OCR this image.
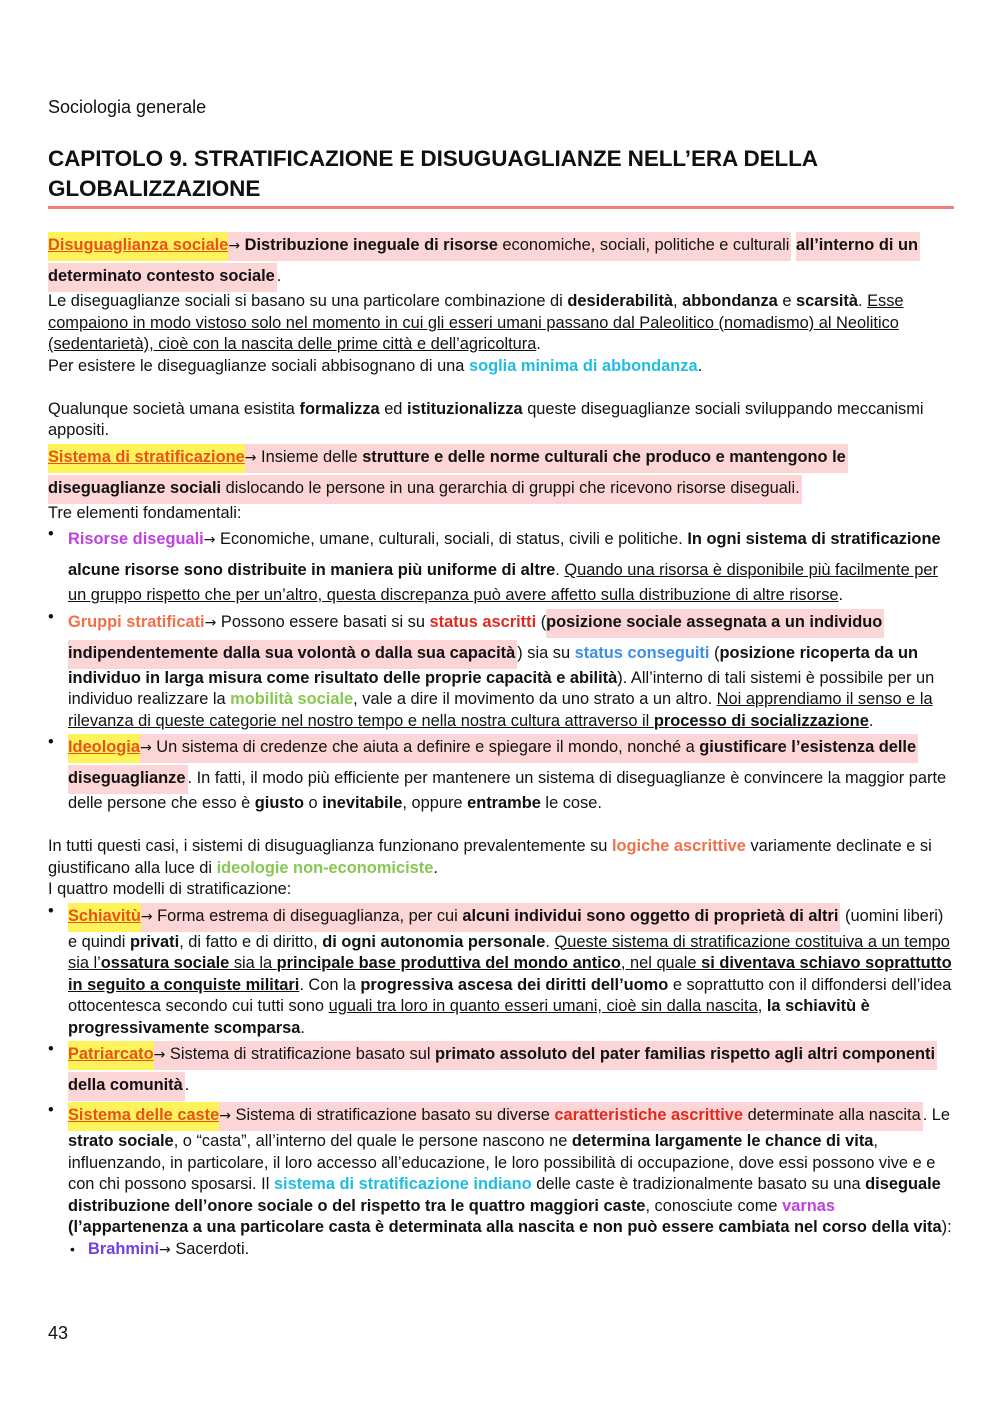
Sociologia generale
CAPITOLO 9. STRATIFICAZIONE E DISUGUAGLIANZE NELL’ERA DELLA GLOBALIZZAZIONE

Disuguaglianza sociale→ Distribuzione ineguale di risorse economiche, sociali, politiche e culturali all’interno di un determinato contesto sociale .

Le diseguaglianze sociali si basano su una particolare combinazione di desiderabilità, abbondanza e scarsità. Esse compaiono in modo vistoso solo nel momento in cui gli esseri umani passano dal Paleolitico (nomadismo) al Neolitico (sedentarietà), cioè con la nascita delle prime città e dell’agricoltura.

Per esistere le diseguaglianze sociali abbisognano di una soglia minima di abbondanza.

Qualunque società umana esistita formalizza ed istituzionalizza queste diseguaglianze sociali sviluppando meccanismi appositi.

Sistema di stratificazione→ Insieme delle strutture e delle norme culturali che produco e mantengono le diseguaglianze sociali dislocando le persone in una gerarchia di gruppi che ricevono risorse diseguali.

Tre elementi fondamentali:

• Risorse diseguali→ Economiche, umane, culturali, sociali, di status, civili e politiche. In ogni sistema di stratificazione alcune risorse sono distribuite in maniera più uniforme di altre. Quando una risorsa è disponibile più facilmente per un gruppo rispetto che per un’altro, questa discrepanza può avere affetto sulla distribuzione di altre risorse.
• Gruppi stratificati→ Possono essere basati si su status ascritti (posizione sociale assegnata a un individuo indipendentemente dalla sua volontà o dalla sua capacità ) sia su status conseguiti (posizione ricoperta da un individuo in larga misura come risultato delle proprie capacità e abilità). All’interno di tali sistemi è possibile per un individuo realizzare la mobilità sociale, vale a dire il movimento da uno strato a un altro. Noi apprendiamo il senso e la rilevanza di queste categorie nel nostro tempo e nella nostra cultura attraverso il processo di socializzazione.
• Ideologia→ Un sistema di credenze che aiuta a definire e spiegare il mondo, nonché a giustificare l’esistenza delle diseguaglianze . In fatti, il modo più efficiente per mantenere un sistema di diseguaglianze è convincere la maggior parte delle persone che esso è giusto o inevitabile, oppure entrambe le cose.

In tutti questi casi, i sistemi di disuguaglianza funzionano prevalentemente su logiche ascrittive variamente declinate e si giustificano alla luce di ideologie non-economiciste.

I quattro modelli di stratificazione:

• Schiavitù→ Forma estrema di diseguaglianza, per cui alcuni individui sono oggetto di proprietà di altri (uomini liberi) e quindi privati, di fatto e di diritto, di ogni autonomia personale. Queste sistema di stratificazione costituiva a un tempo sia l’ossatura sociale sia la principale base produttiva del mondo antico, nel quale si diventava schiavo soprattutto in seguito a conquiste militari. Con la progressiva ascesa dei diritti dell’uomo e soprattutto con il diffondersi dell’idea ottocentesca secondo cui tutti sono uguali tra loro in quanto esseri umani, cioè sin dalla nascita, la schiavitù è progressivamente scomparsa.
• Patriarcato→ Sistema di stratificazione basato sul primato assoluto del pater familias rispetto agli altri componenti della comunità .
• Sistema delle caste→ Sistema di stratificazione basato su diverse caratteristiche ascrittive determinate alla nascita . Le strato sociale, o “casta”, all’interno del quale le persone nascono ne determina largamente le chance di vita, influenzando, in particolare, il loro accesso all’educazione, le loro possibilità di occupazione, dove essi possono vive e e con chi possono sposarsi. Il sistema di stratificazione indiano delle caste è tradizionalmente basato su una diseguale distribuzione dell’onore sociale o del rispetto tra le quattro maggiori caste, conosciute come varnas (l’appartenenza a una particolare casta è determinata alla nascita e non può essere cambiata nel corso della vita):
• Brahmini→ Sacerdoti.
43
